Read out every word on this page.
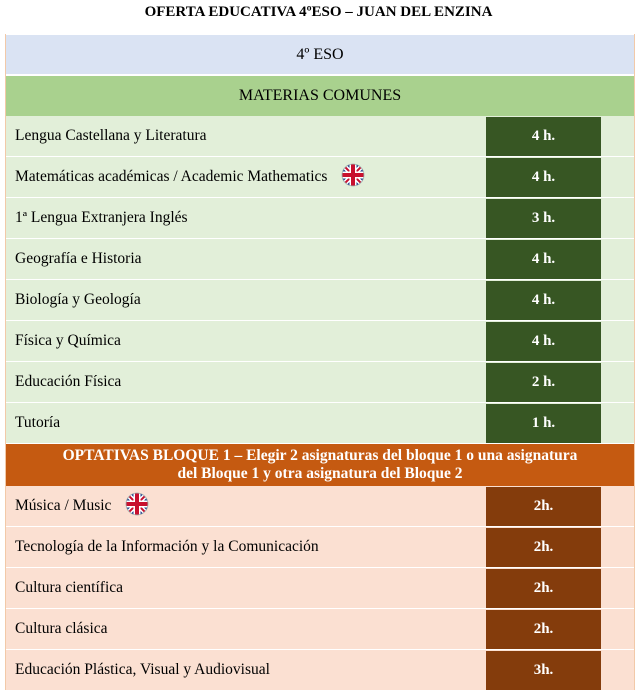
OFERTA EDUCATIVA 4ºESO – JUAN DEL ENZINA
4º ESO
MATERIAS COMUNES
Lengua Castellana y Literatura	4 h.
Matemáticas académicas / Academic Mathematics	4 h.
1ª Lengua Extranjera Inglés	3 h.
Geografía e Historia	4 h.
Biología y Geología	4 h.
Física y Química	4 h.
Educación Física	2 h.
Tutoría	1 h.
OPTATIVAS BLOQUE 1 – Elegir 2 asignaturas del bloque 1 o una asignatura
del Bloque 1 y otra asignatura del Bloque 2
Música / Music	2h.
Tecnología de la Información y la Comunicación	2h.
Cultura científica	2h.
Cultura clásica	2h.
Educación Plástica, Visual y Audiovisual	3h.
